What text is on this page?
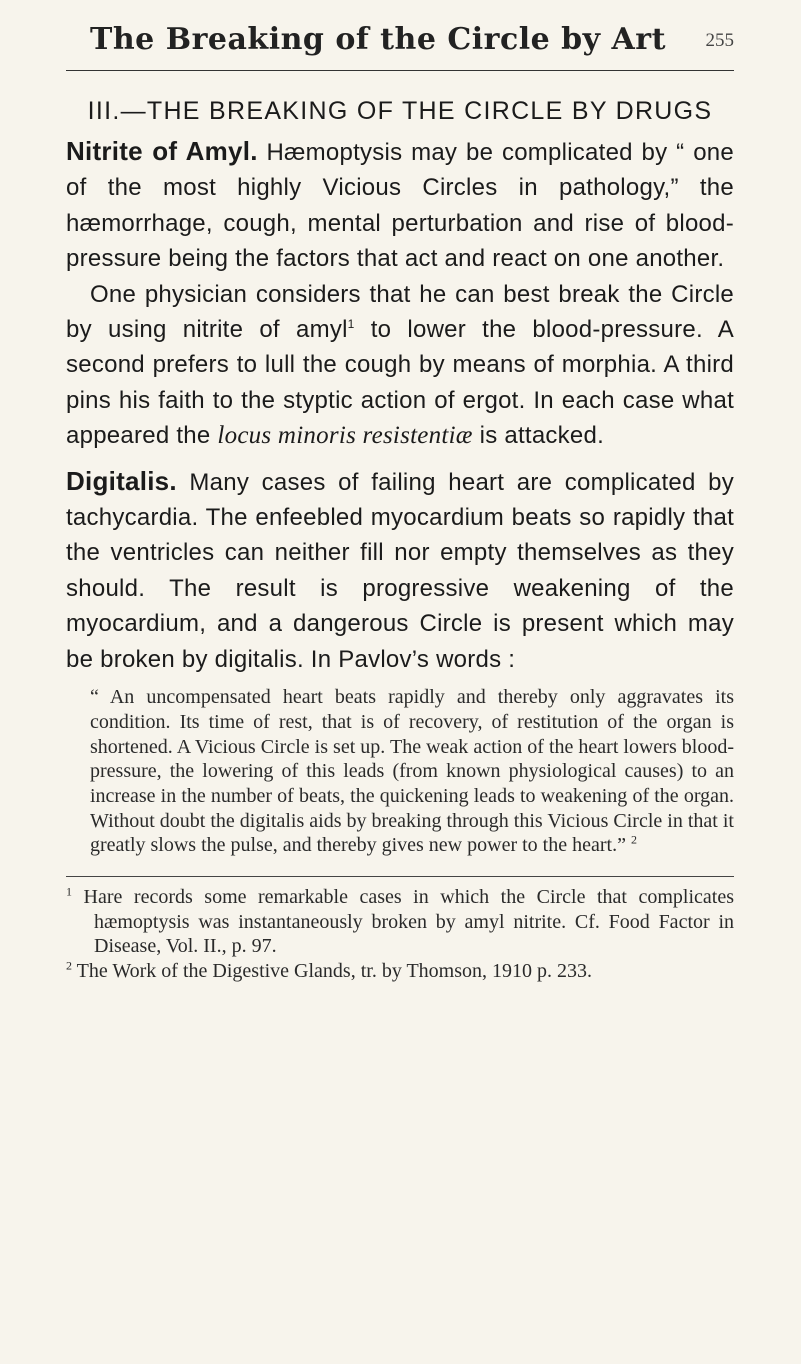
The Breaking of the Circle by Art	255
III.—THE BREAKING OF THE CIRCLE BY DRUGS

Nitrite of Amyl. Hæmoptysis may be complicated by “ one of the most highly Vicious Circles in pathology,” the hæmorrhage, cough, mental perturbation and rise of blood-pressure being the factors that act and react on one another.

One physician considers that he can best break the Circle by using nitrite of amyl$^1$ to lower the blood-pressure. A second prefers to lull the cough by means of morphia. A third pins his faith to the styptic action of ergot. In each case what appeared the locus minoris resistentiæ is attacked.

Digitalis. Many cases of failing heart are complicated by tachycardia. The enfeebled myocardium beats so rapidly that the ventricles can neither fill nor empty themselves as they should. The result is progressive weakening of the myocardium, and a dangerous Circle is present which may be broken by digitalis. In Pavlov’s words :

“ An uncompensated heart beats rapidly and thereby only aggravates its condition. Its time of rest, that is of recovery, of restitution of the organ is shortened. A Vicious Circle is set up. The weak action of the heart lowers blood-pressure, the lowering of this leads (from known physiological causes) to an increase in the number of beats, the quickening leads to weakening of the organ. Without doubt the digitalis aids by breaking through this Vicious Circle in that it greatly slows the pulse, and thereby gives new power to the heart.” $^2$
$^1$ Hare records some remarkable cases in which the Circle that complicates hæmoptysis was instantaneously broken by amyl nitrite. Cf. Food Factor in Disease, Vol. II., p. 97.
$^2$ The Work of the Digestive Glands, tr. by Thomson, 1910 p. 233.
